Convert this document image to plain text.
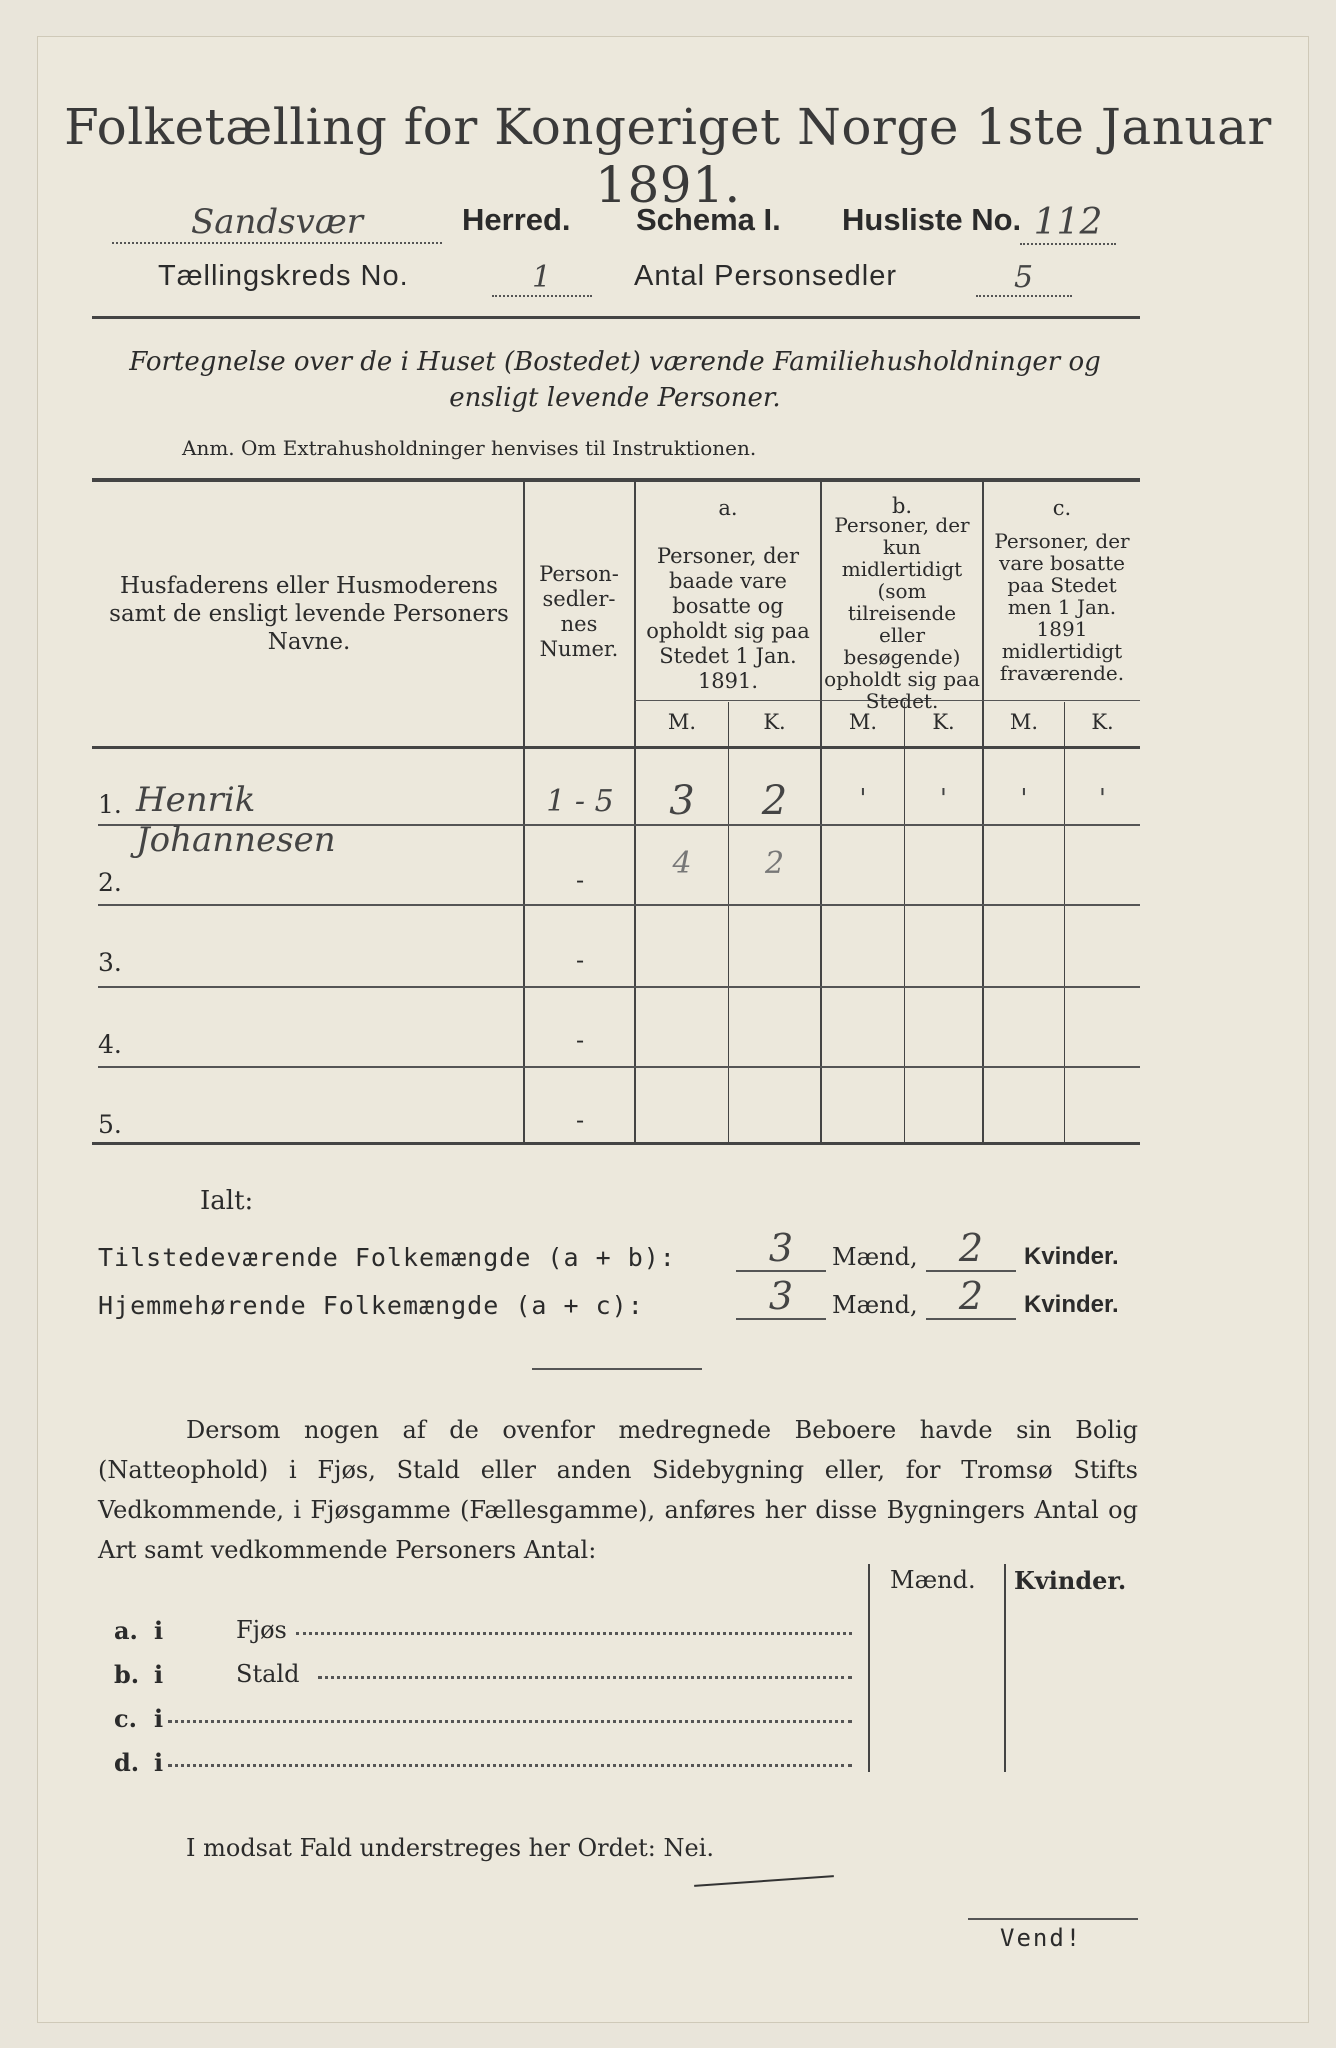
Folketælling for Kongeriget Norge 1ste Januar 1891.
Sandsvær	Herred. Schema I. Husliste No. 112
Tællingskreds No.	1	Antal Personsedler	5
Fortegnelse over de i Huset (Bostedet) værende Familiehusholdninger og ensligt levende Personer.
Anm. Om Extrahusholdninger henvises til Instruktionen.
Husfaderens eller Husmoderens samt de ensligt levende Personers Navne.
Person-sedler-nes Numer.
a.
Personer, der baade vare bosatte og opholdt sig paa Stedet 1 Jan. 1891.
b.
Personer, der kun midlertidigt (som tilreisende eller besøgende) opholdt sig paa Stedet.
c.
Personer, der vare bosatte paa Stedet men 1 Jan. 1891 midlertidigt fraværende.
M.	K.	M.	K.	M.	K.
1. Henrik Johannesen
1 - 5	3	2	'	'	'	'
2.	-	4	2
3.	-
4.	-
5.	-
Ialt:
Tilstedeværende Folkemængde (a + b):	3	Mænd,	2	Kvinder.
Hjemmehørende Folkemængde (a + c):	3	Mænd,	2	Kvinder.
Dersom nogen af de ovenfor medregnede Beboere havde sin Bolig (Natteophold) i Fjøs, Stald eller anden Sidebygning eller, for Tromsø Stifts Vedkommende, i Fjøsgamme (Fællesgamme), anføres her disse Bygningers Antal og Art samt vedkommende Personers Antal:
Mænd. Kvinder.
a. i	Fjøs
b. i	Stald
c. i
d. i
I modsat Fald understreges her Ordet: Nei.
Vend!
